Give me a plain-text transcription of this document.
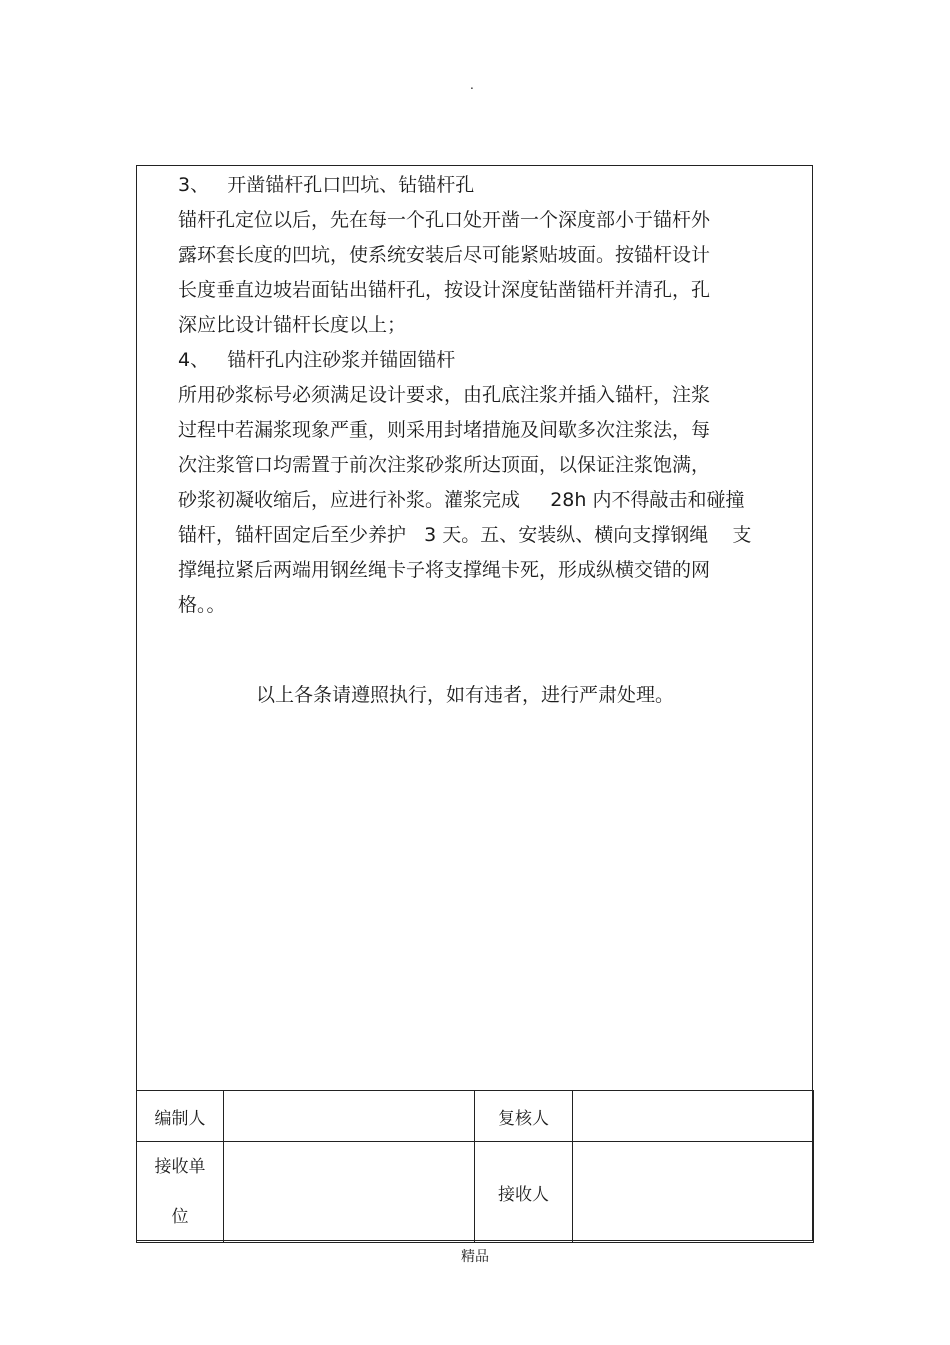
.
3、   开凿锚杆孔口凹坑、钻锚杆孔
锚杆孔定位以后，先在每一个孔口处开凿一个深度部小于锚杆外
露环套长度的凹坑，使系统安装后尽可能紧贴坡面。按锚杆设计
长度垂直边坡岩面钻出锚杆孔，按设计深度钻凿锚杆并清孔，孔
深应比设计锚杆长度以上；
4、   锚杆孔内注砂浆并锚固锚杆
所用砂浆标号必须满足设计要求，由孔底注浆并插入锚杆，注浆
过程中若漏浆现象严重，则采用封堵措施及间歇多次注浆法，每
次注浆管口均需置于前次注浆砂浆所达顶面，以保证注浆饱满，
砂浆初凝收缩后，应进行补浆。灌浆完成     28h 内不得敲击和碰撞
锚杆，锚杆固定后至少养护   3 天。五、安装纵、横向支撑钢绳    支
撑绳拉紧后两端用钢丝绳卡子将支撑绳卡死，形成纵横交错的网
格。。
以上各条请遵照执行，如有违者，进行严肃处理。
编制人		复核人	

接收单
位		接收人	
精品
